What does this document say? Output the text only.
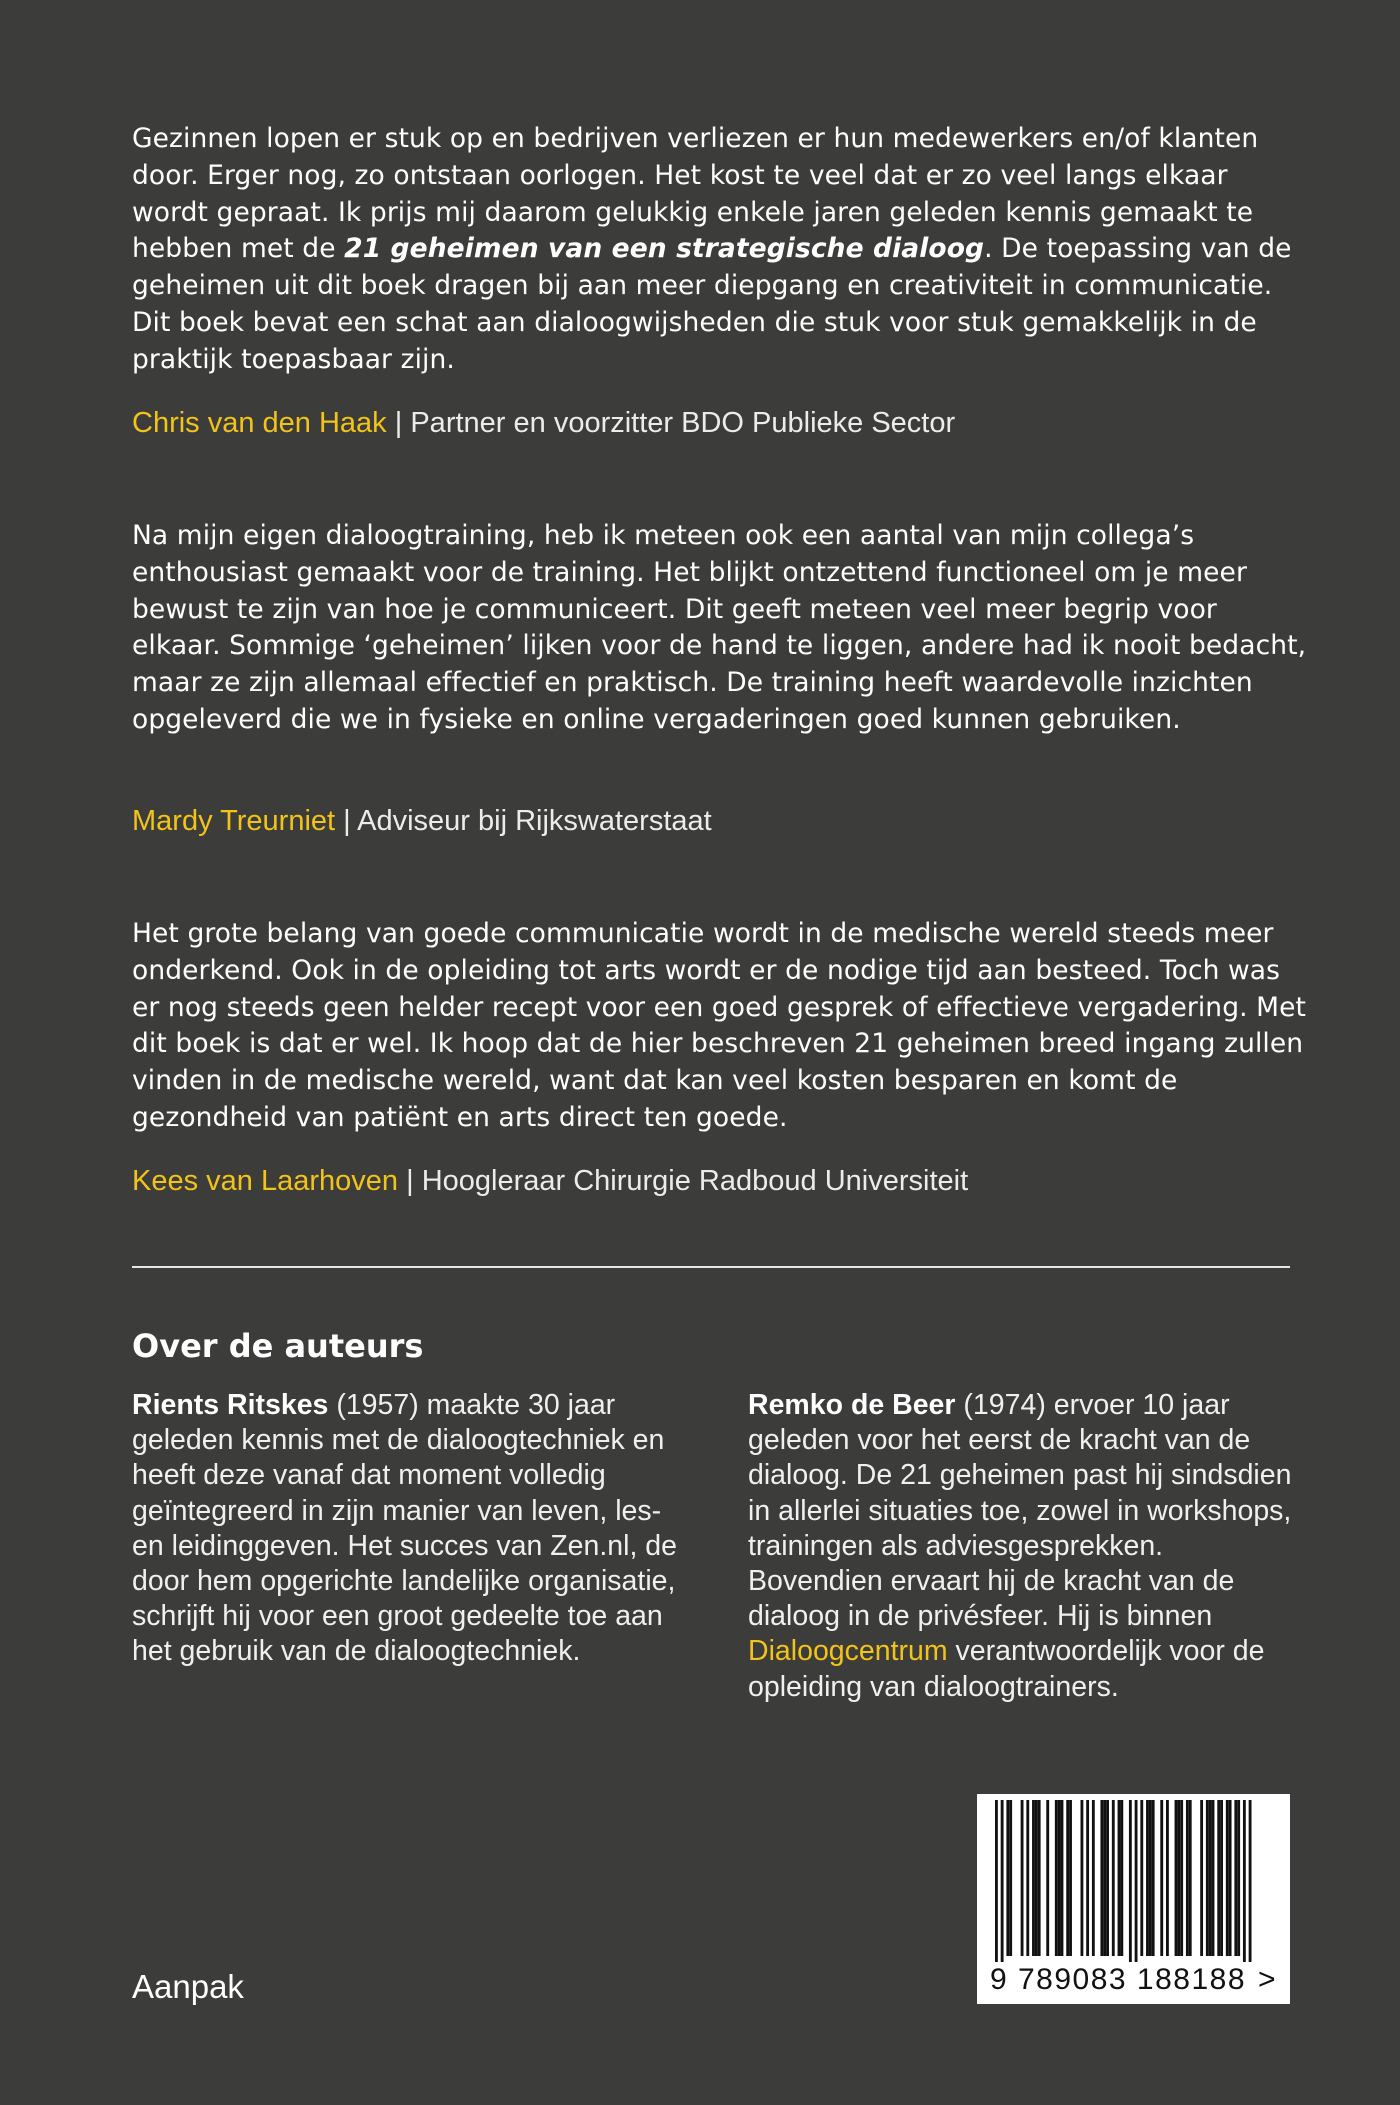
Gezinnen lopen er stuk op en bedrijven verliezen er hun medewerkers en/of klanten door. Erger nog, zo ontstaan oorlogen. Het kost te veel dat er zo veel langs elkaar wordt gepraat. Ik prijs mij daarom gelukkig enkele jaren geleden kennis gemaakt te hebben met de 21 geheimen van een strategische dialoog. De toepassing van de geheimen uit dit boek dragen bij aan meer diepgang en creativiteit in communicatie. Dit boek bevat een schat aan dialoogwijsheden die stuk voor stuk gemakkelijk in de praktijk toepasbaar zijn.

Chris van den Haak | Partner en voorzitter BDO Publieke Sector

Na mijn eigen dialoogtraining, heb ik meteen ook een aantal van mijn collega’s enthousiast gemaakt voor de training. Het blijkt ontzettend functioneel om je meer bewust te zijn van hoe je communiceert. Dit geeft meteen veel meer begrip voor elkaar. Sommige ‘geheimen’ lijken voor de hand te liggen, andere had ik nooit bedacht, maar ze zijn allemaal effectief en praktisch. De training heeft waardevolle inzichten opgeleverd die we in fysieke en online vergaderingen goed kunnen gebruiken.

Mardy Treurniet | Adviseur bij Rijkswaterstaat

Het grote belang van goede communicatie wordt in de medische wereld steeds meer onderkend. Ook in de opleiding tot arts wordt er de nodige tijd aan besteed. Toch was er nog steeds geen helder recept voor een goed gesprek of effectieve vergadering. Met dit boek is dat er wel. Ik hoop dat de hier beschreven 21 geheimen breed ingang zullen vinden in de medische wereld, want dat kan veel kosten besparen en komt de gezondheid van patiënt en arts direct ten goede.

Kees van Laarhoven | Hoogleraar Chirurgie Radboud Universiteit

Over de auteurs

Rients Ritskes (1957) maakte 30 jaar geleden kennis met de dialoogtechniek en heeft deze vanaf dat moment volledig geïntegreerd in zijn manier van leven, les- en leidinggeven. Het succes van Zen.nl, de door hem opgerichte landelijke organisatie, schrijft hij voor een groot gedeelte toe aan het gebruik van de dialoogtechniek.

Remko de Beer (1974) ervoer 10 jaar geleden voor het eerst de kracht van de dialoog. De 21 geheimen past hij sindsdien in allerlei situaties toe, zowel in workshops, trainingen als adviesgesprekken. Bovendien ervaart hij de kracht van de dialoog in de privésfeer. Hij is binnen Dialoogcentrum verantwoordelijk voor de opleiding van dialoogtrainers.

Aanpak	9 789083 188188 >
